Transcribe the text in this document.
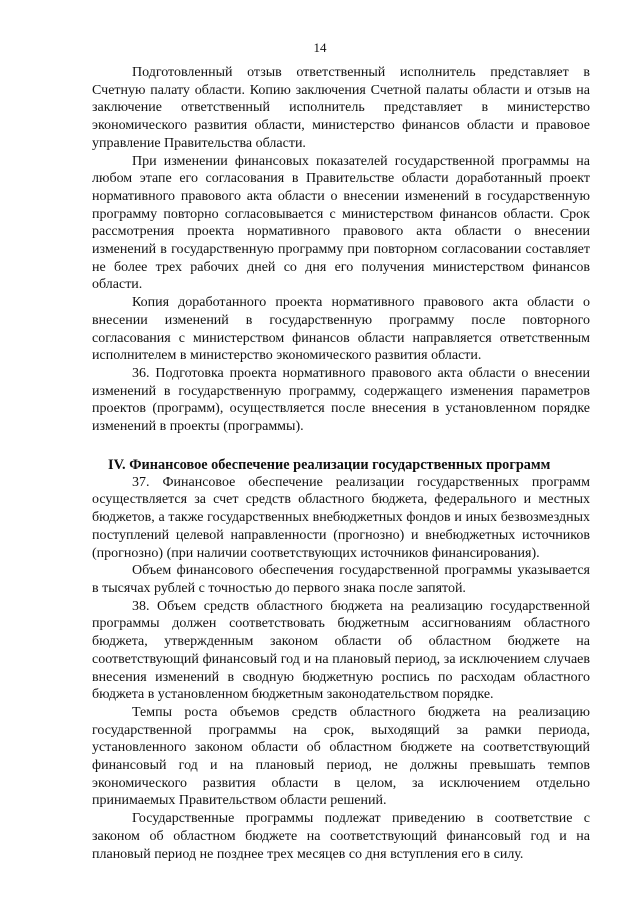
14

Подготовленный отзыв ответственный исполнитель представляет в Счетную палату области. Копию заключения Счетной палаты области и отзыв на заключение ответственный исполнитель представляет в министерство экономического развития области, министерство финансов области и правовое управление Правительства области.

При изменении финансовых показателей государственной программы на любом этапе его согласования в Правительстве области доработанный проект нормативного правового акта области о внесении изменений в государственную программу повторно согласовывается с министерством финансов области. Срок рассмотрения проекта нормативного правового акта области о внесении изменений в государственную программу при повторном согласовании составляет не более трех рабочих дней со дня его получения министерством финансов области.

Копия доработанного проекта нормативного правового акта области о внесении изменений в государственную программу после повторного согласования с министерством финансов области направляется ответственным исполнителем в министерство экономического развития области.

36. Подготовка проекта нормативного правового акта области о внесении изменений в государственную программу, содержащего изменения параметров проектов (программ), осуществляется после внесения в установленном порядке изменений в проекты (программы).

IV. Финансовое обеспечение реализации государственных программ

37. Финансовое обеспечение реализации государственных программ осуществляется за счет средств областного бюджета, федерального и местных бюджетов, а также государственных внебюджетных фондов и иных безвозмездных поступлений целевой направленности (прогнозно) и внебюджетных источников (прогнозно) (при наличии соответствующих источников финансирования).

Объем финансового обеспечения государственной программы указывается в тысячах рублей с точностью до первого знака после запятой.

38. Объем средств областного бюджета на реализацию государственной программы должен соответствовать бюджетным ассигнованиям областного бюджета, утвержденным законом области об областном бюджете на соответствующий финансовый год и на плановый период, за исключением случаев внесения изменений в сводную бюджетную роспись по расходам областного бюджета в установленном бюджетным законодательством порядке.

Темпы роста объемов средств областного бюджета на реализацию государственной программы на срок, выходящий за рамки периода, установленного законом области об областном бюджете на соответствующий финансовый год и на плановый период, не должны превышать темпов экономического развития области в целом, за исключением отдельно принимаемых Правительством области решений.

Государственные программы подлежат приведению в соответствие с законом об областном бюджете на соответствующий финансовый год и на плановый период не позднее трех месяцев со дня вступления его в силу.
